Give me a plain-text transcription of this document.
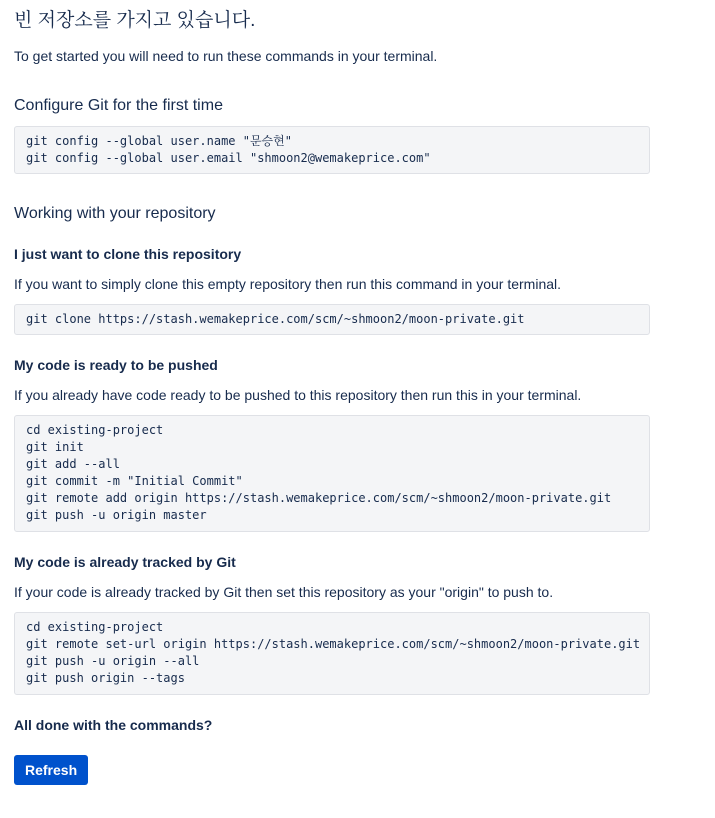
빈 저장소를 가지고 있습니다.

To get started you will need to run these commands in your terminal.

Configure Git for the first time
git config --global user.name "문승현"
git config --global user.email "shmoon2@wemakeprice.com"
Working with your repository
I just want to clone this repository

If you want to simply clone this empty repository then run this command in your terminal.

git clone https://stash.wemakeprice.com/scm/~shmoon2/moon-private.git
My code is ready to be pushed

If you already have code ready to be pushed to this repository then run this in your terminal.

cd existing-project
git init
git add --all
git commit -m "Initial Commit"
git remote add origin https://stash.wemakeprice.com/scm/~shmoon2/moon-private.git
git push -u origin master
My code is already tracked by Git

If your code is already tracked by Git then set this repository as your "origin" to push to.

cd existing-project
git remote set-url origin https://stash.wemakeprice.com/scm/~shmoon2/moon-private.git
git push -u origin --all
git push origin --tags
All done with the commands?
Refresh
